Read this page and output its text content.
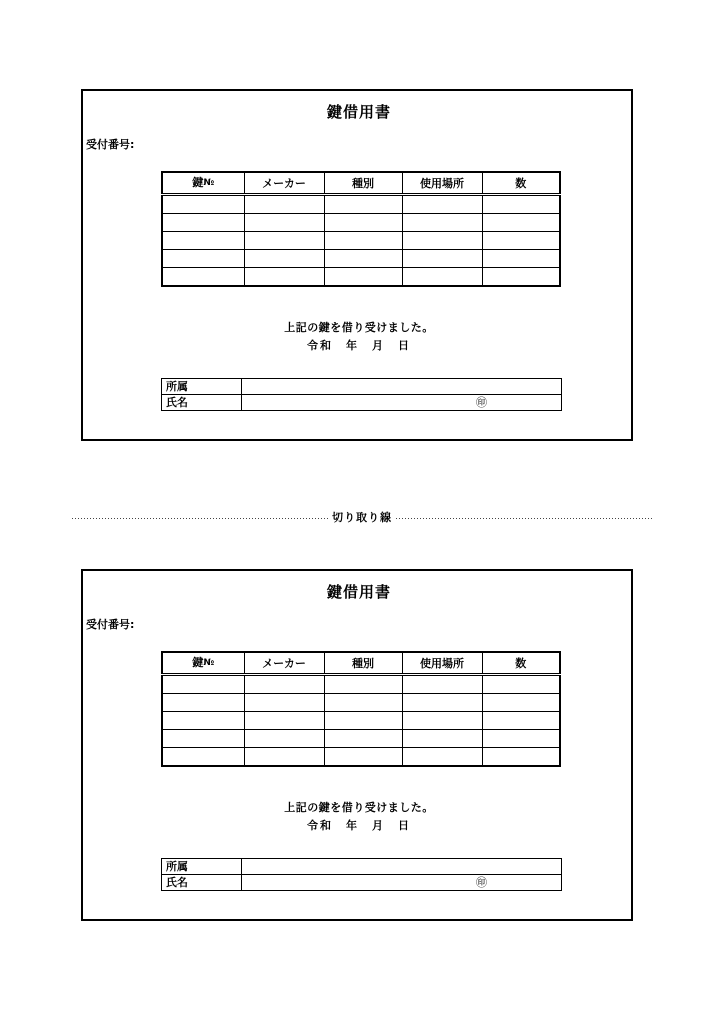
鍵借用書
受付番号:
鍵№	メーカー	種別	使用場所	数

上記の鍵を借り受けました。
令和　年　月　日
所属	
氏名	㊞
切り取り線
鍵借用書
受付番号:
鍵№	メーカー	種別	使用場所	数

上記の鍵を借り受けました。
令和　年　月　日
所属	
氏名	㊞
